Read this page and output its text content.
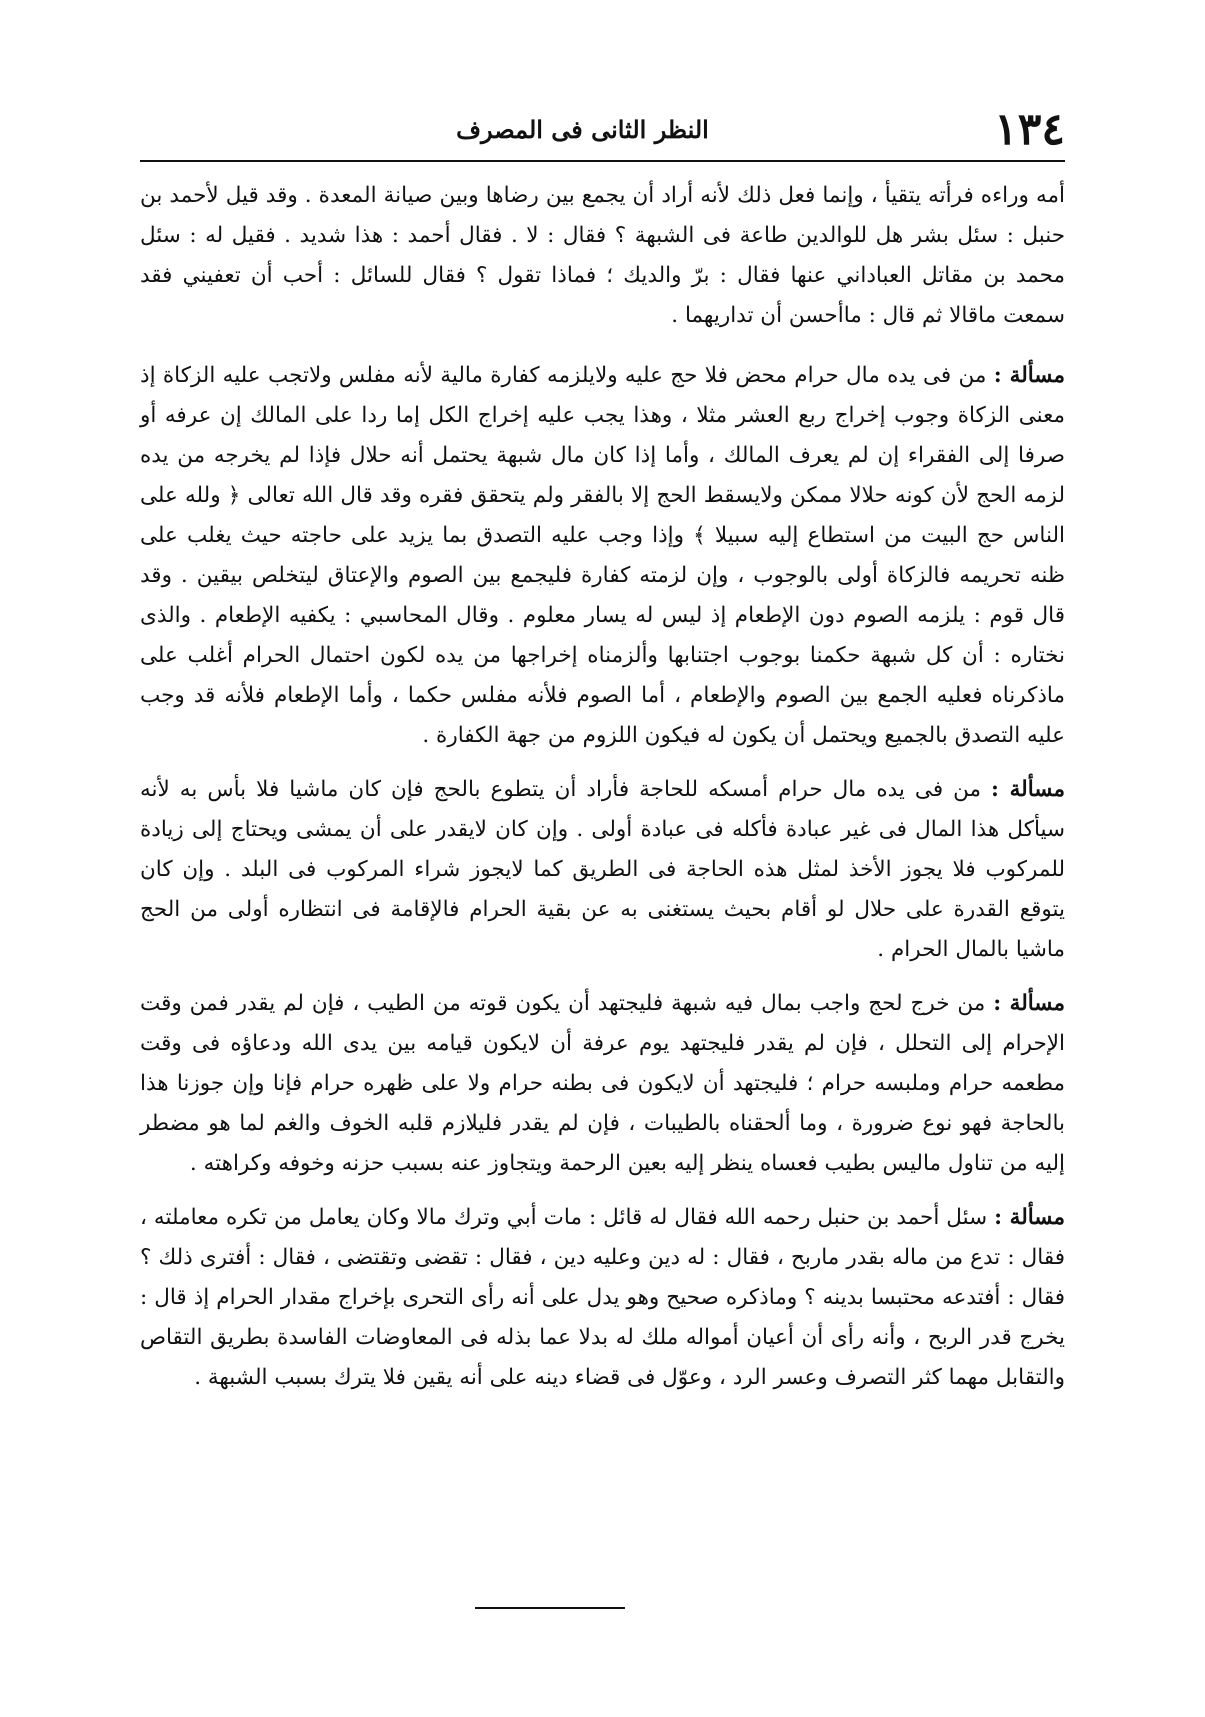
١٣٤
النظر الثانى فى المصرف

أمه وراءه فرأته يتقيأ ، وإنما فعل ذلك لأنه أراد أن يجمع بين رضاها وبين صيانة المعدة . وقد قيل لأحمد بن حنبل : سئل بشر هل للوالدين طاعة فى الشبهة ؟ فقال : لا . فقال أحمد : هذا شديد . فقيل له : سئل محمد بن مقاتل العباداني عنها فقال : برّ والديك ؛ فماذا تقول ؟ فقال للسائل : أحب أن تعفيني فقد سمعت ماقالا ثم قال : ماأحسن أن تداريهما .

مسألة : من فى يده مال حرام محض فلا حج عليه ولايلزمه كفارة مالية لأنه مفلس ولاتجب عليه الزكاة إذ معنى الزكاة وجوب إخراج ربع العشر مثلا ، وهذا يجب عليه إخراج الكل إما ردا على المالك إن عرفه أو صرفا إلى الفقراء إن لم يعرف المالك ، وأما إذا كان مال شبهة يحتمل أنه حلال فإذا لم يخرجه من يده لزمه الحج لأن كونه حلالا ممكن ولايسقط الحج إلا بالفقر ولم يتحقق فقره وقد قال الله تعالى ﴿ ولله على الناس حج البيت من استطاع إليه سبيلا ﴾ وإذا وجب عليه التصدق بما يزيد على حاجته حيث يغلب على ظنه تحريمه فالزكاة أولى بالوجوب ، وإن لزمته كفارة فليجمع بين الصوم والإعتاق ليتخلص بيقين . وقد قال قوم : يلزمه الصوم دون الإطعام إذ ليس له يسار معلوم . وقال المحاسبي : يكفيه الإطعام . والذى نختاره : أن كل شبهة حكمنا بوجوب اجتنابها وألزمناه إخراجها من يده لكون احتمال الحرام أغلب على ماذكرناه فعليه الجمع بين الصوم والإطعام ، أما الصوم فلأنه مفلس حكما ، وأما الإطعام فلأنه قد وجب عليه التصدق بالجميع ويحتمل أن يكون له فيكون اللزوم من جهة الكفارة .

مسألة : من فى يده مال حرام أمسكه للحاجة فأراد أن يتطوع بالحج فإن كان ماشيا فلا بأس به لأنه سيأكل هذا المال فى غير عبادة فأكله فى عبادة أولى . وإن كان لايقدر على أن يمشى ويحتاج إلى زيادة للمركوب فلا يجوز الأخذ لمثل هذه الحاجة فى الطريق كما لايجوز شراء المركوب فى البلد . وإن كان يتوقع القدرة على حلال لو أقام بحيث يستغنى به عن بقية الحرام فالإقامة فى انتظاره أولى من الحج ماشيا بالمال الحرام .

مسألة : من خرج لحج واجب بمال فيه شبهة فليجتهد أن يكون قوته من الطيب ، فإن لم يقدر فمن وقت الإحرام إلى التحلل ، فإن لم يقدر فليجتهد يوم عرفة أن لايكون قيامه بين يدى الله ودعاؤه فى وقت مطعمه حرام وملبسه حرام ؛ فليجتهد أن لايكون فى بطنه حرام ولا على ظهره حرام فإنا وإن جوزنا هذا بالحاجة فهو نوع ضرورة ، وما ألحقناه بالطيبات ، فإن لم يقدر فليلازم قلبه الخوف والغم لما هو مضطر إليه من تناول ماليس بطيب فعساه ينظر إليه بعين الرحمة ويتجاوز عنه بسبب حزنه وخوفه وكراهته .

مسألة : سئل أحمد بن حنبل رحمه الله فقال له قائل : مات أبي وترك مالا وكان يعامل من تكره معاملته ، فقال : تدع من ماله بقدر ماربح ، فقال : له دين وعليه دين ، فقال : تقضى وتقتضى ، فقال : أفترى ذلك ؟ فقال : أفتدعه محتبسا بدينه ؟ وماذكره صحيح وهو يدل على أنه رأى التحرى بإخراج مقدار الحرام إذ قال : يخرج قدر الربح ، وأنه رأى أن أعيان أمواله ملك له بدلا عما بذله فى المعاوضات الفاسدة بطريق التقاص والتقابل مهما كثر التصرف وعسر الرد ، وعوّل فى قضاء دينه على أنه يقين فلا يترك بسبب الشبهة .
